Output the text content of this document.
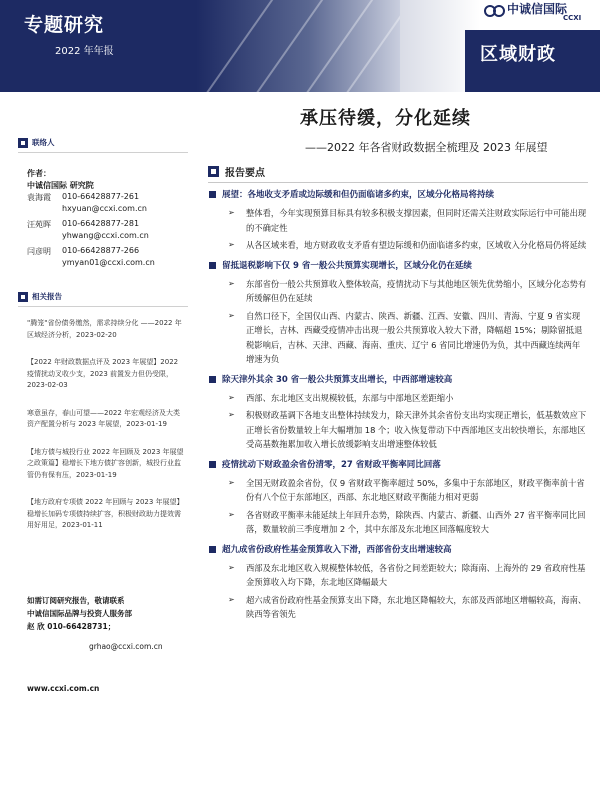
专题研究
2022 年年报	区域财政
中诚信国际
CCXI
承压待缓，分化延续
——2022 年各省财政数据全梳理及 2023 年展望
联络人
作者：
中诚信国际 研究院
袁海霞 010-66428877-261
hxyuan@ccxi.com.cn
汪苑晖 010-66428877-281
yhwang@ccxi.com.cn
闫彦明 010-66428877-266
ymyan01@ccxi.com.cn
相关报告
"腾笼"省份债务缴然，需求持续分化 ——2022 年区域经济分析，2023-02-20
【2022 年财政数据点评及 2023 年展望】2022 疫情扰动叉收少支，2023 前置发力但仍受限，2023-02-03
寒意虽存，春山可望——2022 年宏观经济及大类资产配置分析与 2023 年展望，2023-01-19
【地方债与城投行业 2022 年回顾及 2023 年展望之政策篇】稳增长下地方债扩容创新，城投行业监管仍有保有压，2023-01-19
【地方政府专项债 2022 年回顾与 2023 年展望】稳增长加码专项债持续扩容，积极财政助力提效需用好用足，2023-01-11
如需订阅研究报告，敬请联系
中诚信国际品牌与投资人服务部
赵 欣 010-66428731；
grhao@ccxi.com.cn
www.ccxi.com.cn
报告要点
展望：各地收支矛盾或边际缓和但仍面临诸多约束，区域分化格局将持续
➢ 整体看，今年实现预算目标具有较多积极支撑因素，但同时还需关注财政实际运行中可能出现的不确定性
➢ 从各区域来看，地方财政收支矛盾有望边际缓和仍面临诸多约束，区域收入分化格局仍将延续
留抵退税影响下仅 9 省一般公共预算实现增长，区域分化仍在延续
➢ 东部省份一般公共预算收入整体较高，疫情扰动下与其他地区领先优势缩小，区域分化态势有所缓解但仍在延续
➢ 自然口径下，全国仅山西、内蒙古、陕西、新疆、江西、安徽、四川、青海、宁夏 9 省实现正增长，吉林、西藏受疫情冲击出现一般公共预算收入较大下滑，降幅超 15%；剔除留抵退税影响后，吉林、天津、西藏、海南、重庆、辽宁 6 省同比增速仍为负，其中西藏连续两年增速为负
除天津外其余 30 省一般公共预算支出增长，中西部增速较高
➢ 西部、东北地区支出规模较低，东部与中部地区差距缩小
➢ 积极财政基调下各地支出整体持续发力，除天津外其余省份支出均实现正增长，低基数效应下正增长省份数量较上年大幅增加 18 个；收入恢复带动下中西部地区支出较快增长，东部地区受高基数拖累加收入增长放缓影响支出增速整体较低
疫情扰动下财政盈余省份清零，27 省财政平衡率同比回落
➢ 全国无财政盈余省份，仅 9 省财政平衡率超过 50%，多集中于东部地区，财政平衡率前十省份有八个位于东部地区，西部、东北地区财政平衡能力相对更弱
➢ 各省财政平衡率未能延续上年回升态势，除陕西、内蒙古、新疆、山西外 27 省平衡率同比回落，数量较前三季度增加 2 个，其中东部及东北地区回落幅度较大
超九成省份政府性基金预算收入下滑，西部省份支出增速较高
➢ 西部及东北地区收入规模整体较低，各省份之间差距较大；除海南、上海外的 29 省政府性基金预算收入均下降，东北地区降幅最大
➢ 超六成省份政府性基金预算支出下降，东北地区降幅较大，东部及西部地区增幅较高，海南、陕西等省领先
